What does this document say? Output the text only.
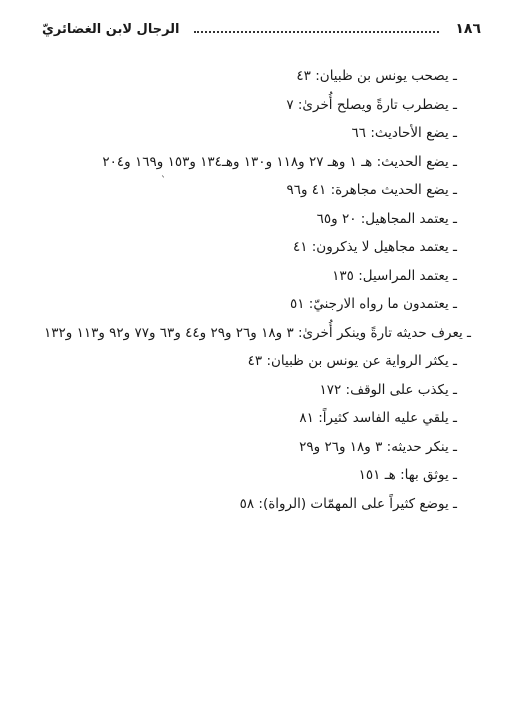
١٨٦
الرجال لابن الغضائريّ
ـ يصحب يونس بن ظبيان: ٤٣
ـ يضطرب تارةً ويصلح أُخرىٰ: ٧
ـ يضع الأحاديث: ٦٦
ـ يضع الحديث: هـ ١ وهـ ٢٧ و١١٨ و١٣٠ وهـ١٣٤ و١٥٣ و١٦٩ و٢٠٤
ـ يضع الحديث مجاهرة: ٤١ و٩٦
ـ يعتمد المجاهيل: ٢٠ و٦٥
ـ يعتمد مجاهيل لا يذكرون: ٤١
ـ يعتمد المراسيل: ١٣٥
ـ يعتمدون ما رواه الارجنيّ: ٥١
ـ يعرف حديثه تارةً وينكر أُخرىٰ: ٣ و١٨ و٢٦ و٢٩ و٤٤ و٦٣ و٧٧ و٩٢ و١١٣ و١٣٢
ـ يكثر الرواية عن يونس بن ظبيان: ٤٣
ـ يكذب على الوقف: ١٧٢
ـ يلقي عليه الفاسد كثيراً: ٨١
ـ ينكر حديثه: ٣ و١٨ و٢٦ و٢٩
ـ يوثق بها: هـ ١٥١
ـ يوضع كثيراً على المهمّات (الرواة): ٥٨
`
